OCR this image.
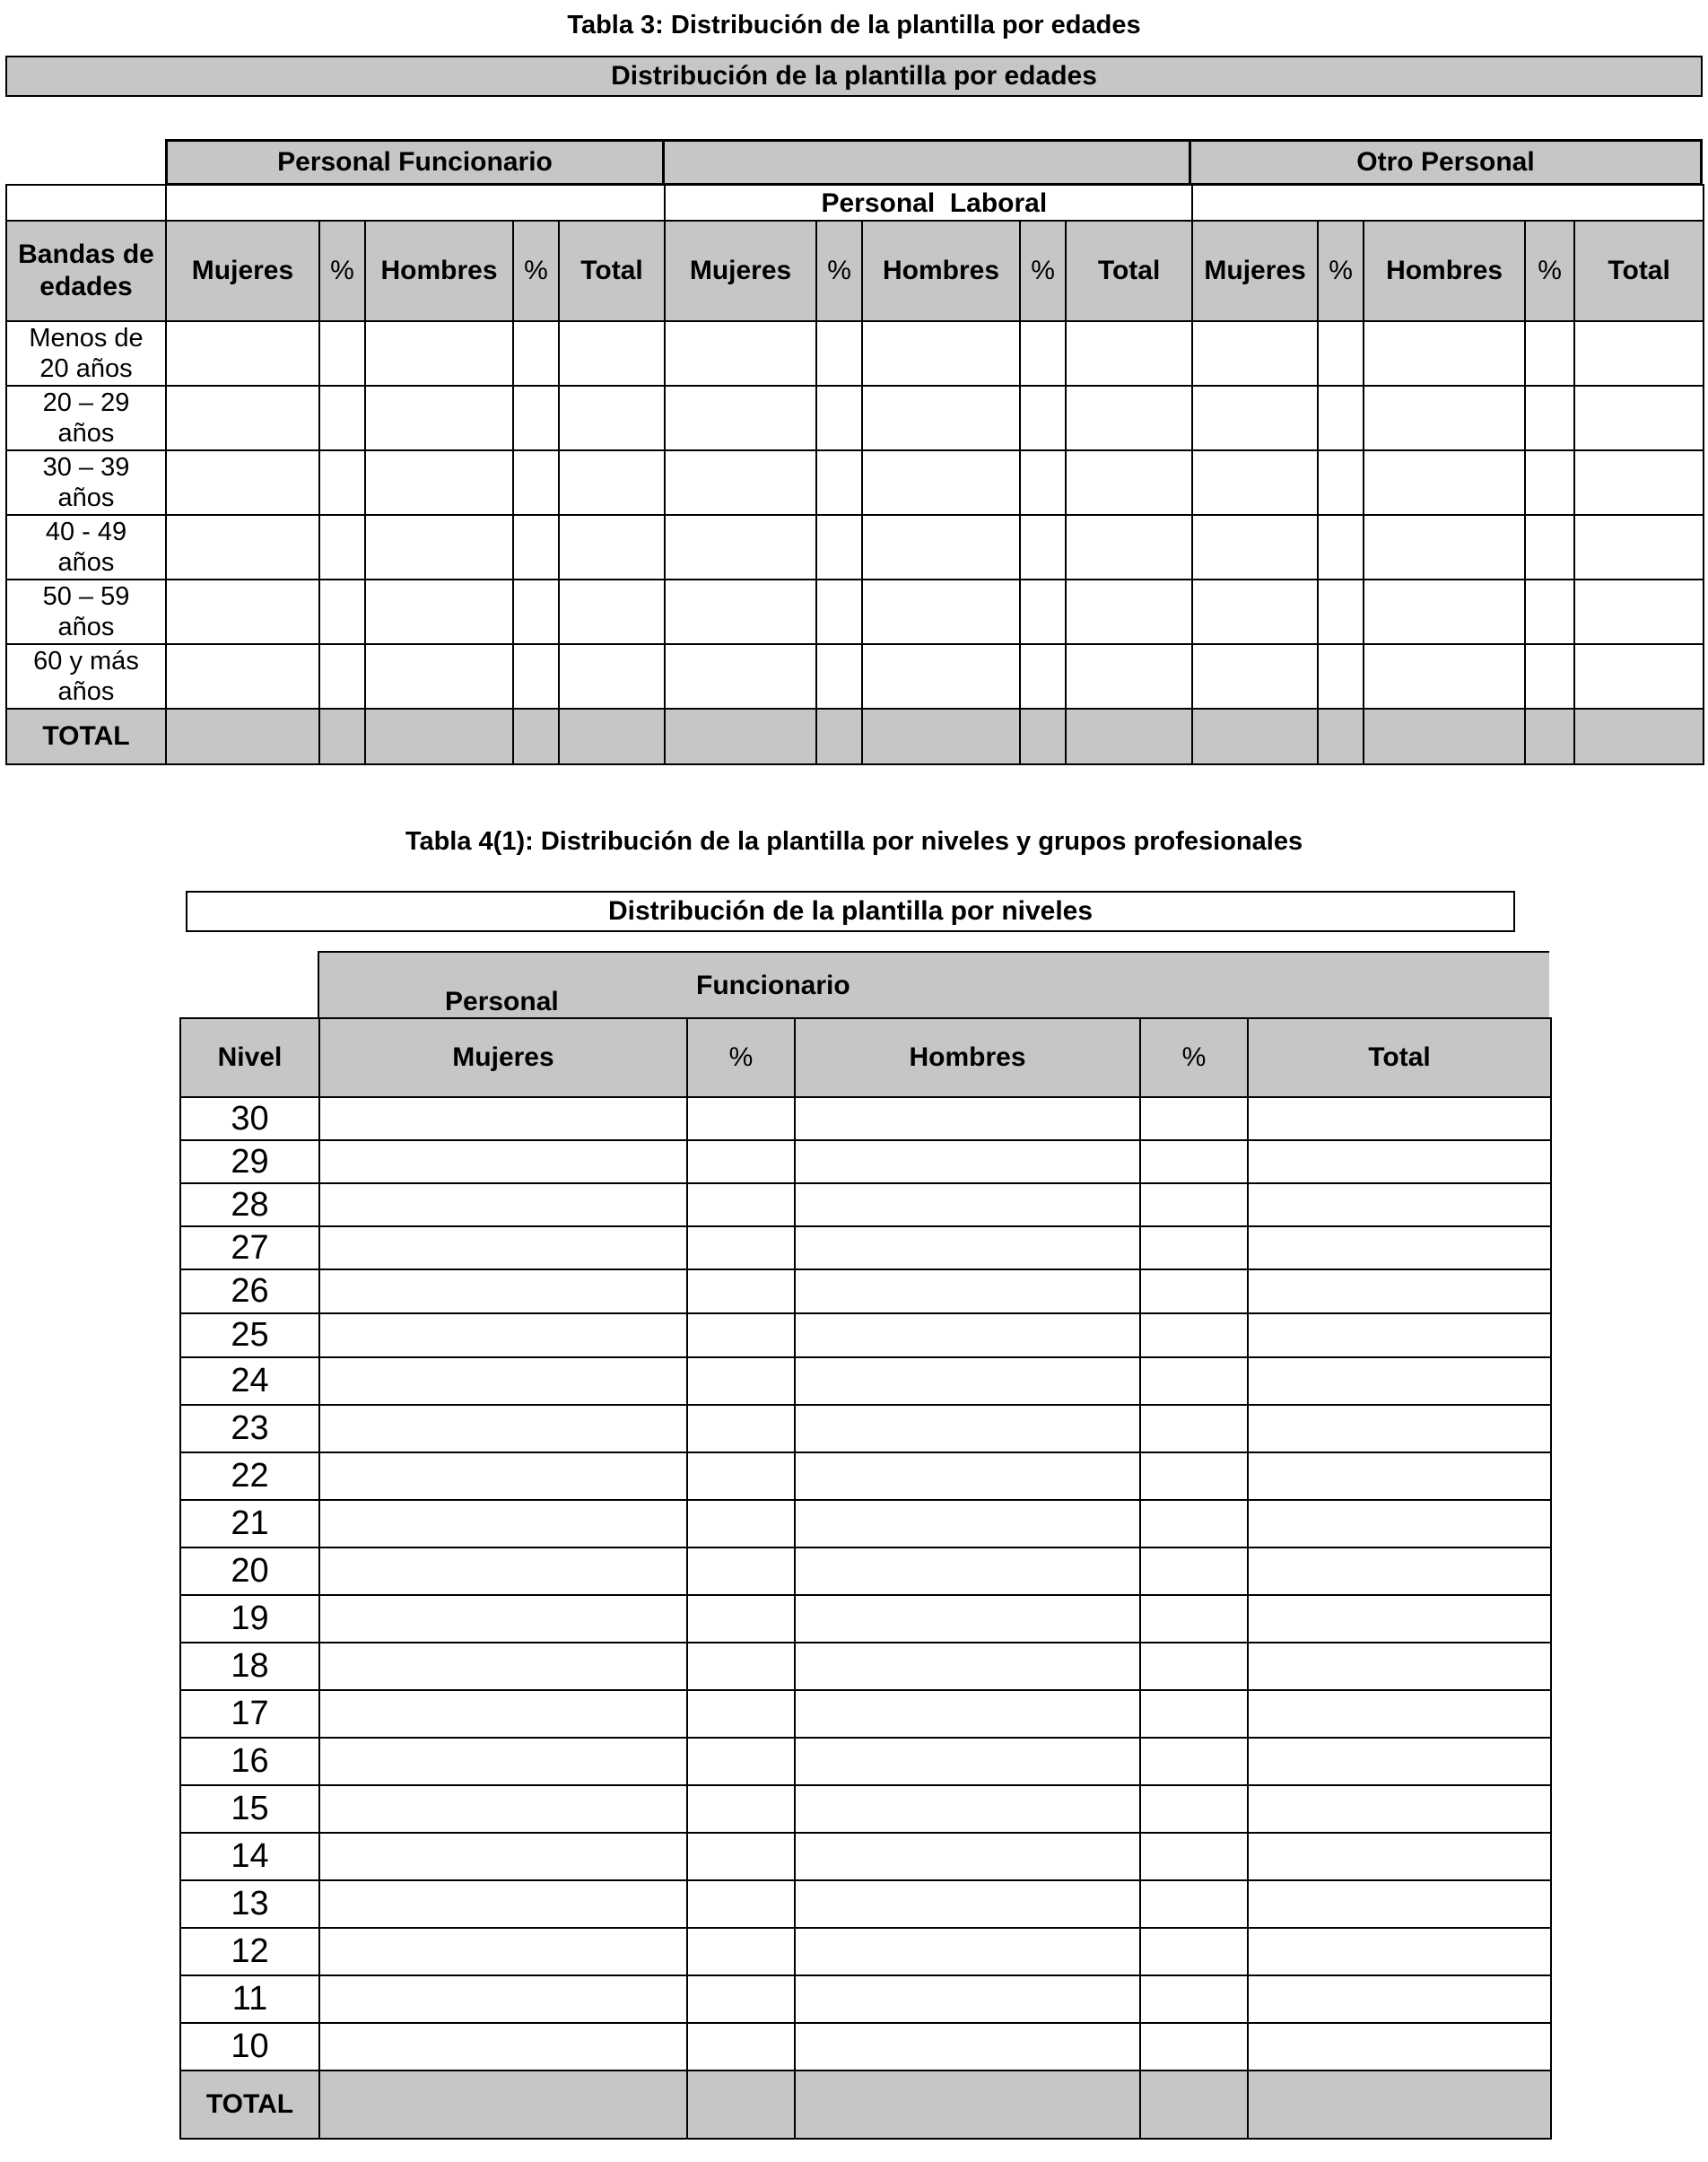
Tabla 3: Distribución de la plantilla por edades
Distribución de la plantilla por edades
Personal Funcionario

Personal  Laboral

Otro Personal

Bandas de edades	Mujeres	%	Hombres	%	Total	Mujeres	%	Hombres	%	Total	Mujeres	%	Hombres	%	Total

Menos de
20 años															

20 – 29
años															

30 – 39
años															

40 - 49
años															

50 – 59
años															

60 y más
años															

TOTAL															
Tabla 4(1): Distribución de la plantilla por niveles y grupos profesionales
Distribución de la plantilla por niveles
Personal
Funcionario
Nivel	Mujeres	%	Hombres	%	Total
30					
29					
28					
27					
26					
25					
24					
23					
22					
21					
20					
19					
18					
17					
16					
15					
14					
13					
12					
11					
10					
TOTAL					
